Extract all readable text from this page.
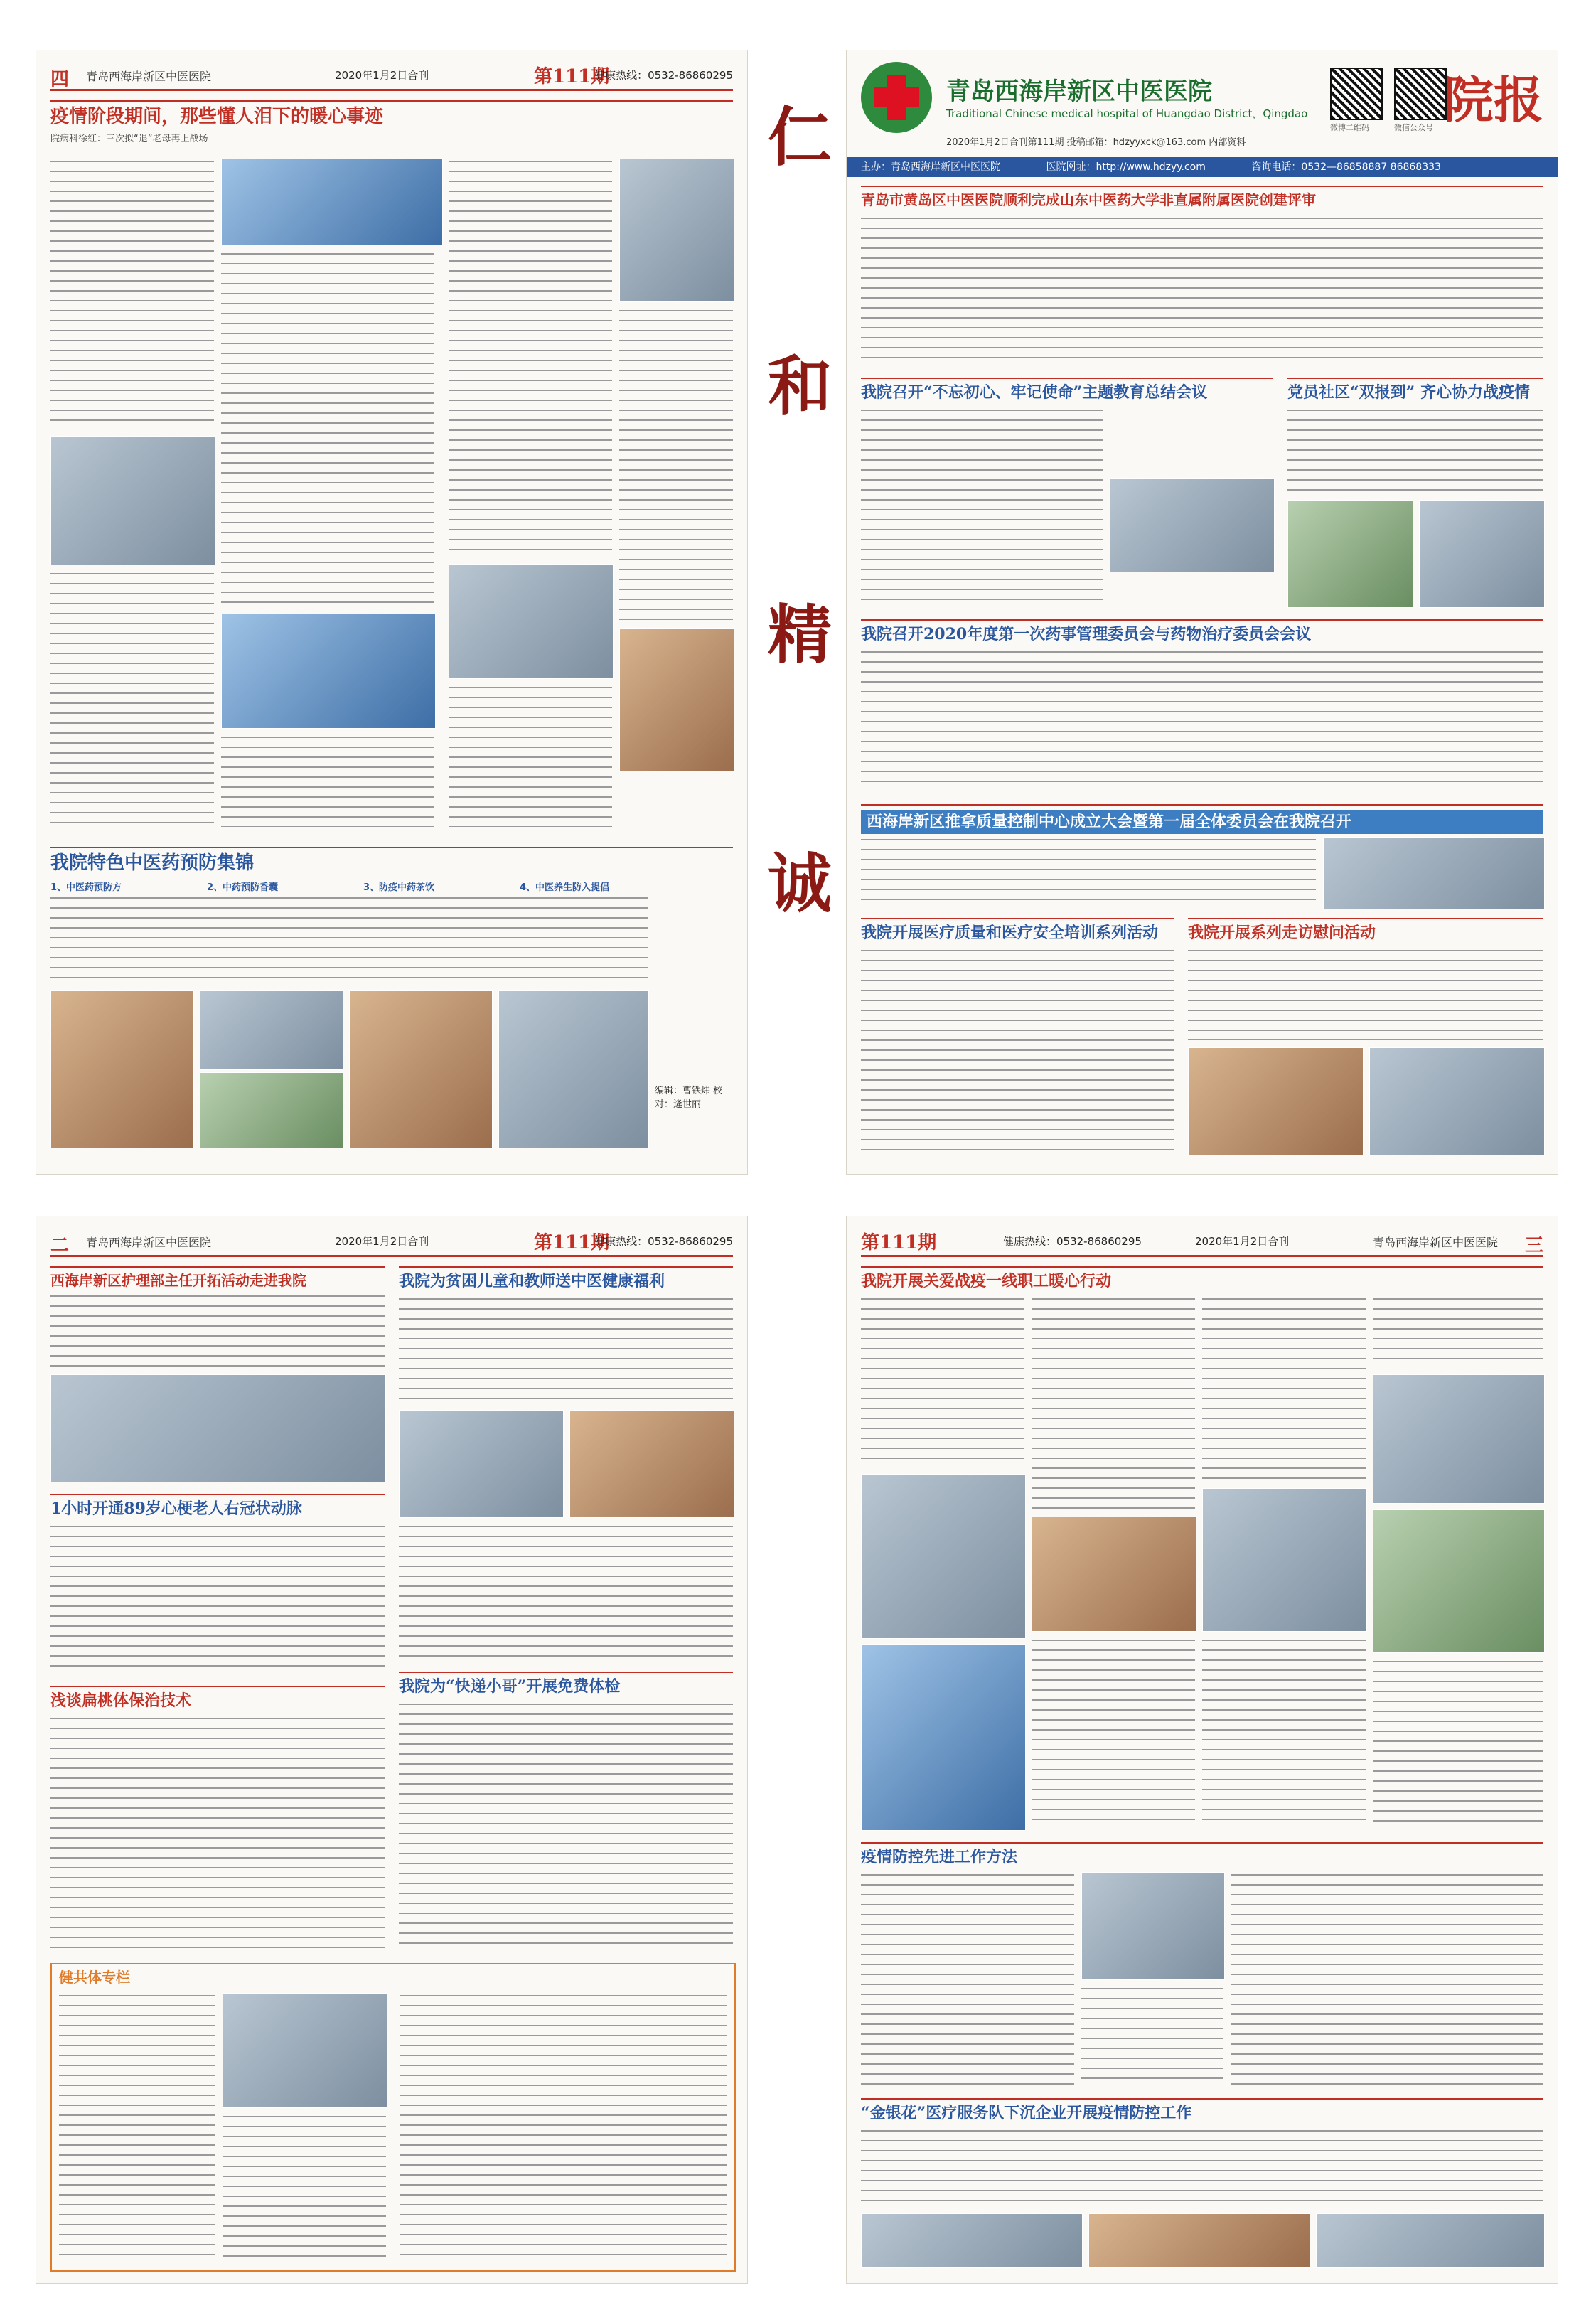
四 青岛西海岸新区中医医院	2020年1月2日合刊	第111期
健康热线：0532-86860295
疫情阶段期间，那些懂人泪下的暖心事迹
院病科徐红：三次拟“退”老母再上战场
我院特色中医药预防集锦
1、中医药预防方	2、中药预防香囊	3、防疫中药茶饮	4、中医养生防入提倡
编辑：曹铁炜 校对：逄世丽
仁
和
精
诚
青岛西海岸新区中医医院
Traditional Chinese medical hospital of Huangdao District，Qingdao
微博二维码	微信公众号 院报
2020年1月2日合刊第111期 投稿邮箱：hdzyyxck@163.com 内部资料
主办：青岛西海岸新区中医医院	医院网址：http://www.hdzyy.com	咨询电话：0532—86858887 86868333
青岛市黄岛区中医医院顺利完成山东中医药大学非直属附属医院创建评审
我院召开“不忘初心、牢记使命”主题教育总结会议	党员社区“双报到” 齐心协力战疫情
我院召开2020年度第一次药事管理委员会与药物治疗委员会会议
西海岸新区推拿质量控制中心成立大会暨第一届全体委员会在我院召开
我院开展医疗质量和医疗安全培训系列活动	我院开展系列走访慰问活动
二 青岛西海岸新区中医医院	2020年1月2日合刊	第111期
健康热线：0532-86860295
西海岸新区护理部主任开拓活动走进我院	我院为贫困儿童和教师送中医健康福利
1小时开通89岁心梗老人右冠状动脉
浅谈扁桃体保治技术
我院为“快递小哥”开展免费体检
健共体专栏
第111期	健康热线：0532-86860295	2020年1月2日合刊	青岛西海岸新区中医医院 三
我院开展关爱战疫一线职工暖心行动
疫情防控先进工作方法
“金银花”医疗服务队下沉企业开展疫情防控工作
